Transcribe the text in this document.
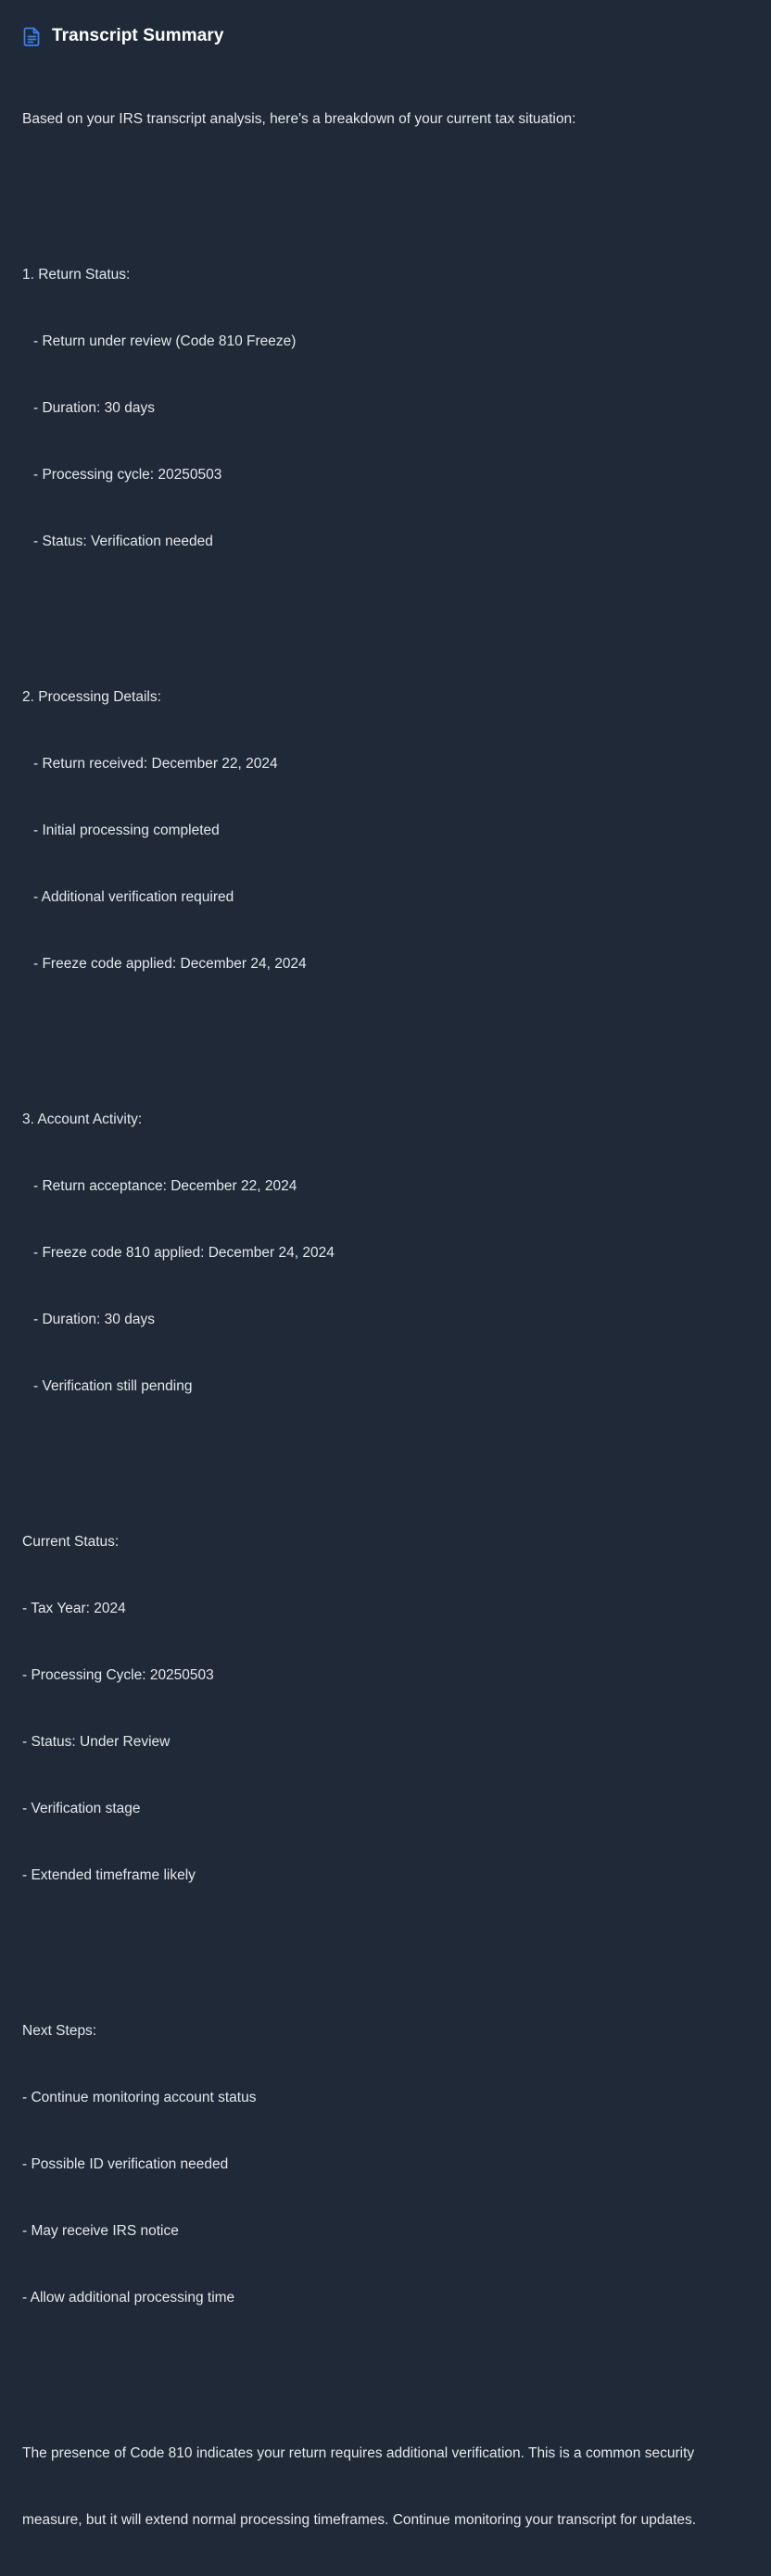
Transcript Summary

Based on your IRS transcript analysis, here's a breakdown of your current tax situation:

1. Return Status:

- Return under review (Code 810 Freeze)

- Duration: 30 days

- Processing cycle: 20250503

- Status: Verification needed

2. Processing Details:

- Return received: December 22, 2024

- Initial processing completed

- Additional verification required

- Freeze code applied: December 24, 2024

3. Account Activity:

- Return acceptance: December 22, 2024

- Freeze code 810 applied: December 24, 2024

- Duration: 30 days

- Verification still pending

Current Status:

- Tax Year: 2024

- Processing Cycle: 20250503

- Status: Under Review

- Verification stage

- Extended timeframe likely

Next Steps:

- Continue monitoring account status

- Possible ID verification needed

- May receive IRS notice

- Allow additional processing time

The presence of Code 810 indicates your return requires additional verification. This is a common security

measure, but it will extend normal processing timeframes. Continue monitoring your transcript for updates.
